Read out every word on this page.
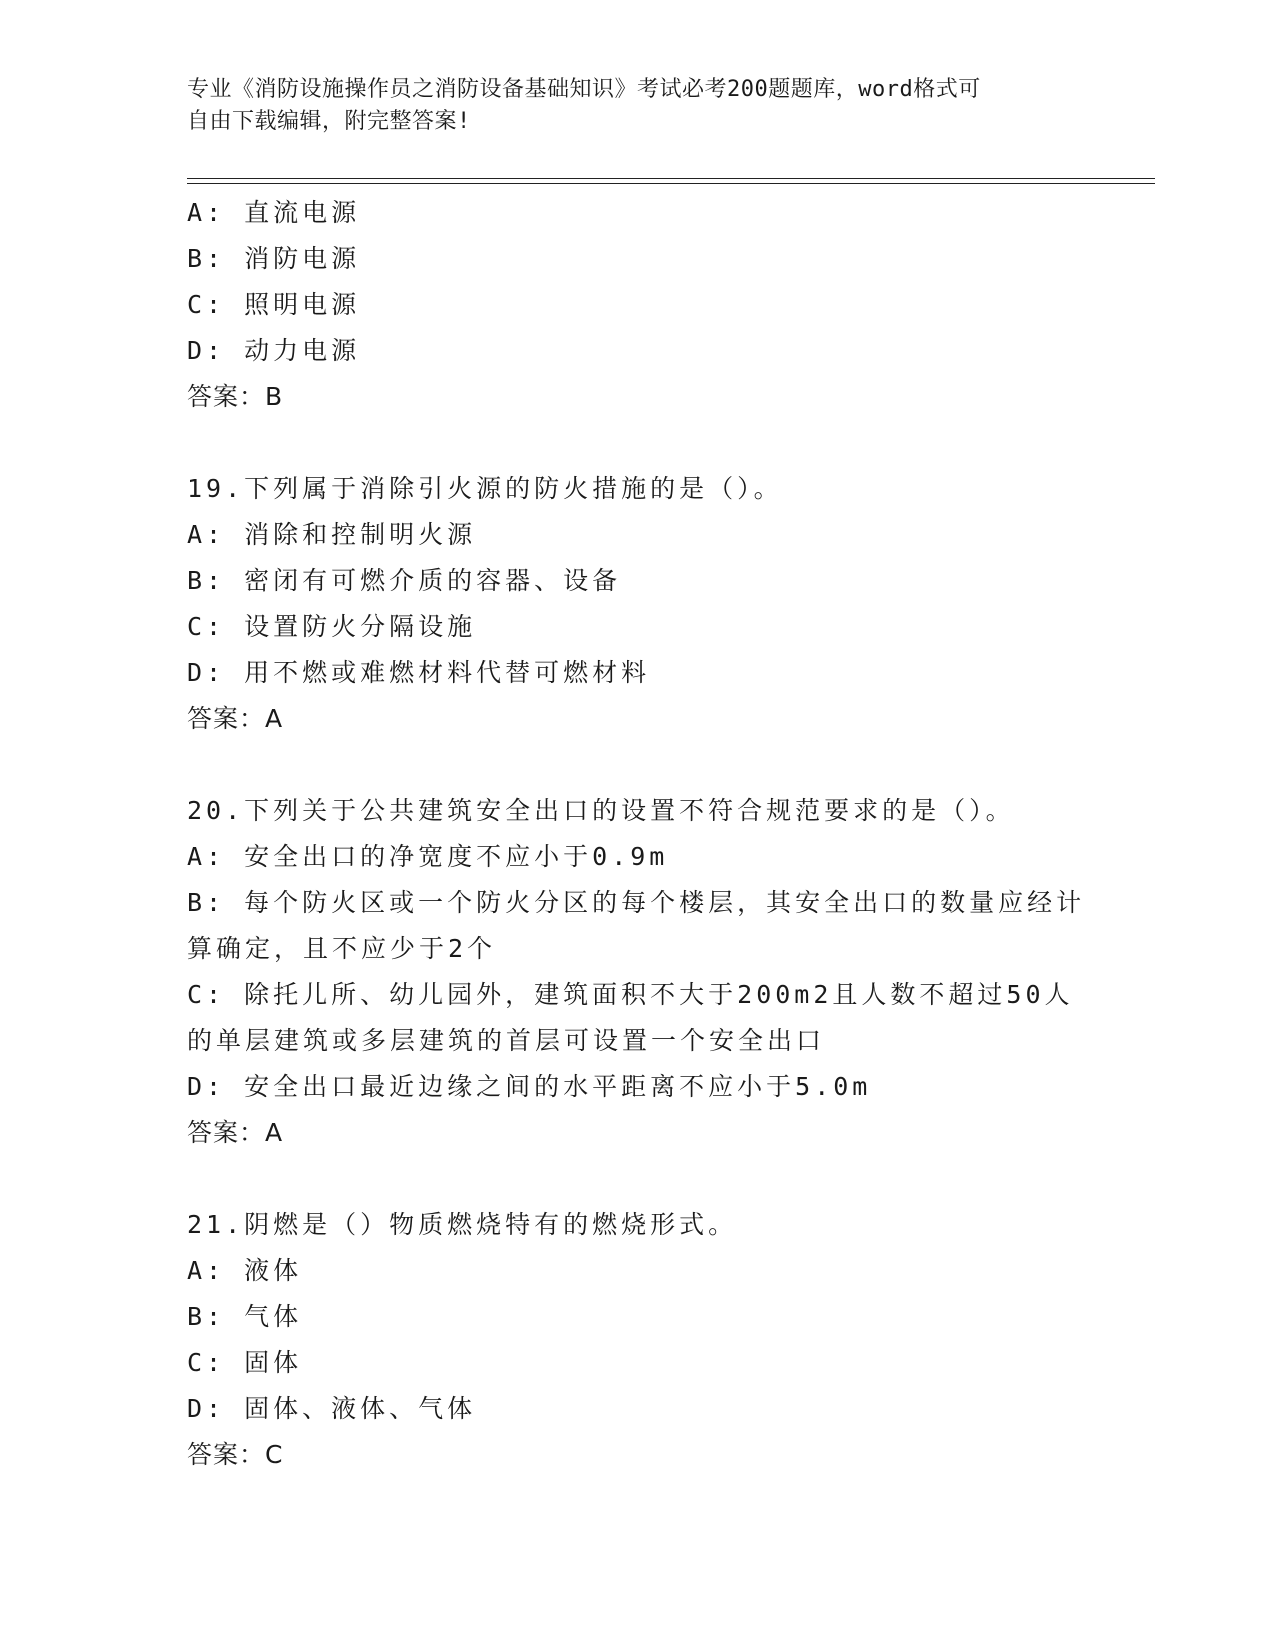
专业《消防设施操作员之消防设备基础知识》考试必考200题题库，word格式可
自由下载编辑，附完整答案!
A: 直流电源
B: 消防电源
C: 照明电源
D: 动力电源
答案：B
19.下列属于消除引火源的防火措施的是（）。
A: 消除和控制明火源
B: 密闭有可燃介质的容器、设备
C: 设置防火分隔设施
D: 用不燃或难燃材料代替可燃材料
答案：A
20.下列关于公共建筑安全出口的设置不符合规范要求的是（）。
A: 安全出口的净宽度不应小于0.9m
B: 每个防火区或一个防火分区的每个楼层，其安全出口的数量应经计
算确定，且不应少于2个
C: 除托儿所、幼儿园外，建筑面积不大于200m2且人数不超过50人
的单层建筑或多层建筑的首层可设置一个安全出口
D: 安全出口最近边缘之间的水平距离不应小于5.0m
答案：A
21.阴燃是（）物质燃烧特有的燃烧形式。
A: 液体
B: 气体
C: 固体
D: 固体、液体、气体
答案：C
